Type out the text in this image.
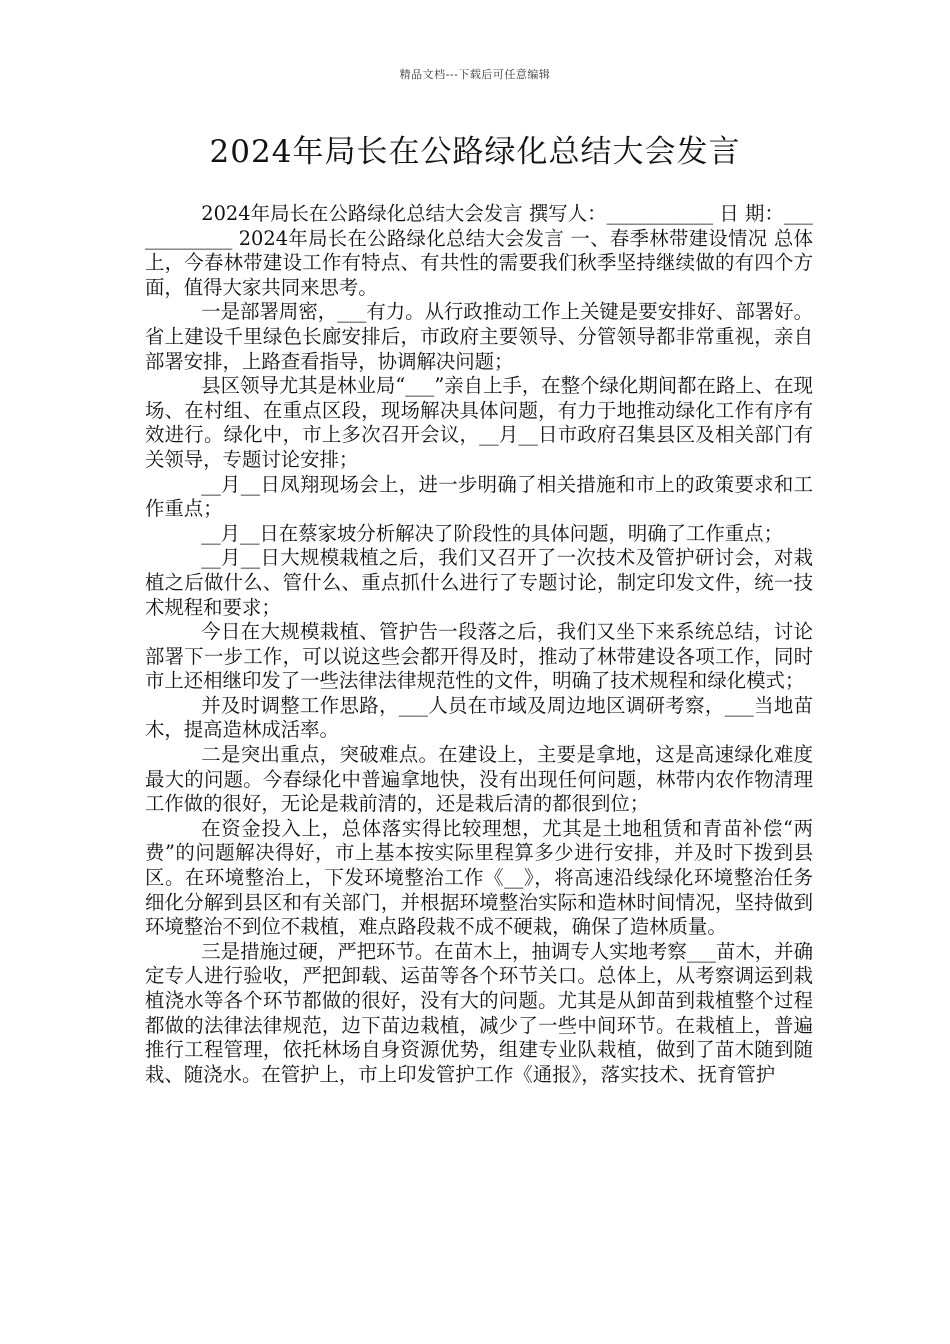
精品文档---下载后可任意编辑
2024年局长在公路绿化总结大会发言

2024年局长在公路绿化总结大会发言 撰写人：___________ 日 期：____________ 2024年局长在公路绿化总结大会发言 一、春季林带建设情况 总体上，今春林带建设工作有特点、有共性的需要我们秋季坚持继续做的有四个方面，值得大家共同来思考。

一是部署周密，___有力。从行政推动工作上关键是要安排好、部署好。省上建设千里绿色长廊安排后，市政府主要领导、分管领导都非常重视，亲自部署安排，上路查看指导，协调解决问题；

县区领导尤其是林业局“___”亲自上手，在整个绿化期间都在路上、在现场、在村组、在重点区段，现场解决具体问题，有力于地推动绿化工作有序有效进行。绿化中，市上多次召开会议，__月__日市政府召集县区及相关部门有关领导，专题讨论安排；

__月__日凤翔现场会上，进一步明确了相关措施和市上的政策要求和工作重点；

__月__日在蔡家坡分析解决了阶段性的具体问题，明确了工作重点；

__月__日大规模栽植之后，我们又召开了一次技术及管护研讨会，对栽植之后做什么、管什么、重点抓什么进行了专题讨论，制定印发文件，统一技术规程和要求；

今日在大规模栽植、管护告一段落之后，我们又坐下来系统总结，讨论部署下一步工作，可以说这些会都开得及时，推动了林带建设各项工作，同时市上还相继印发了一些法律法律规范性的文件，明确了技术规程和绿化模式；

并及时调整工作思路，___人员在市域及周边地区调研考察，___当地苗木，提高造林成活率。

二是突出重点，突破难点。在建设上，主要是拿地，这是高速绿化难度最大的问题。今春绿化中普遍拿地快，没有出现任何问题，林带内农作物清理工作做的很好，无论是栽前清的，还是栽后清的都很到位；

在资金投入上，总体落实得比较理想，尤其是土地租赁和青苗补偿“两费”的问题解决得好，市上基本按实际里程算多少进行安排，并及时下拨到县区。在环境整治上，下发环境整治工作《__》，将高速沿线绿化环境整治任务细化分解到县区和有关部门，并根据环境整治实际和造林时间情况，坚持做到环境整治不到位不栽植，难点路段栽不成不硬栽，确保了造林质量。

三是措施过硬，严把环节。在苗木上，抽调专人实地考察___苗木，并确定专人进行验收，严把卸载、运苗等各个环节关口。总体上，从考察调运到栽植浇水等各个环节都做的很好，没有大的问题。尤其是从卸苗到栽植整个过程都做的法律法律规范，边下苗边栽植，减少了一些中间环节。在栽植上，普遍推行工程管理，依托林场自身资源优势，组建专业队栽植，做到了苗木随到随栽、随浇水。在管护上，市上印发管护工作《通报》，落实技术、抚育管护
